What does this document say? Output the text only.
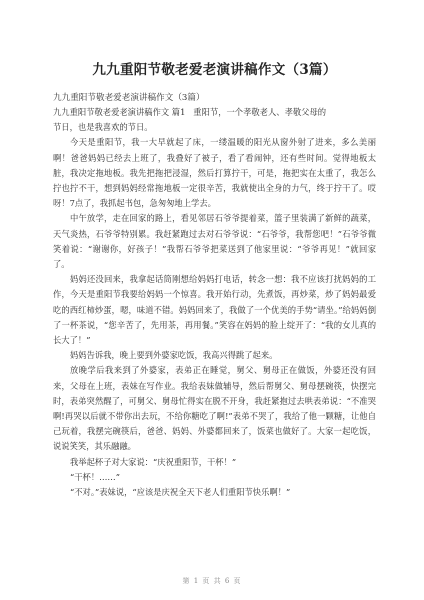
九九重阳节敬老爱老演讲稿作文（3篇）

九九重阳节敬老爱老演讲稿作文（3篇）

九九重阳节敬老爱老演讲稿作文 篇1 重阳节，一个孝敬老人、孝敬父母的

节日，也是我喜欢的节日。

今天是重阳节，我一大早就起了床，一缕温暖的阳光从窗外射了进来，多么美丽啊！爸爸妈妈已经去上班了，我叠好了被子，看了看闹钟，还有些时间。觉得地板太脏，我决定拖地板。我先把拖把浸湿，然后打算拧干，可是，拖把实在太重了，我怎么拧也拧不干，想到妈妈经常拖地板一定很辛苦，我就使出全身的力气，终于拧干了。哎呀！7点了，我抓起书包，急匆匆地上学去。

中午放学，走在回家的路上，看见邻居石爷爷提着菜，篮子里装满了新鲜的蔬菜，天气炎热，石爷爷特别累。我赶紧跑过去对石爷爷说：“石爷爷，我帮您吧！”石爷爷微笑着说：“谢谢你，好孩子！”我帮石爷爷把菜送到了他家里说：“爷爷再见！”就回家了。

妈妈还没回来，我拿起话筒刚想给妈妈打电话，转念一想：我不应该打扰妈妈的工作，今天是重阳节我要给妈妈一个惊喜。我开始行动，先煮饭，再炒菜，炒了妈妈最爱吃的西红柿炒蛋，嗯，味道不错。妈妈回来了，我做了一个优美的手势“请坐。”给妈妈倒了一杯茶说，“您辛苦了，先用茶，再用餐。”笑容在妈妈的脸上绽开了：“我的女儿真的长大了！”

妈妈告诉我，晚上要到外婆家吃饭，我高兴得跳了起来。

放晚学后我来到了外婆家，表弟正在睡觉，舅父、舅母正在做饭，外婆还没有回来，父母在上班，表妹在写作业。我给表妹做辅导，然后帮舅父、舅母摆碗筷，快摆完时，表弟突然醒了，可舅父、舅母忙得实在脱不开身，我赶紧抱过去哄表弟说：“不准哭啊!再哭以后就不带你出去玩，不给你糖吃了啊!”表弟不哭了，我给了他一颗糖，让他自己玩着，我摆完碗筷后，爸爸、妈妈、外婆都回来了，饭菜也做好了。大家一起吃饭，说说笑笑，其乐融融。

我举起杯子对大家说：“庆祝重阳节，干杯！”

“干杯！……”

“不对。”表妹说，“应该是庆祝全天下老人们重阳节快乐啊！”

第 1 页 共 6 页
